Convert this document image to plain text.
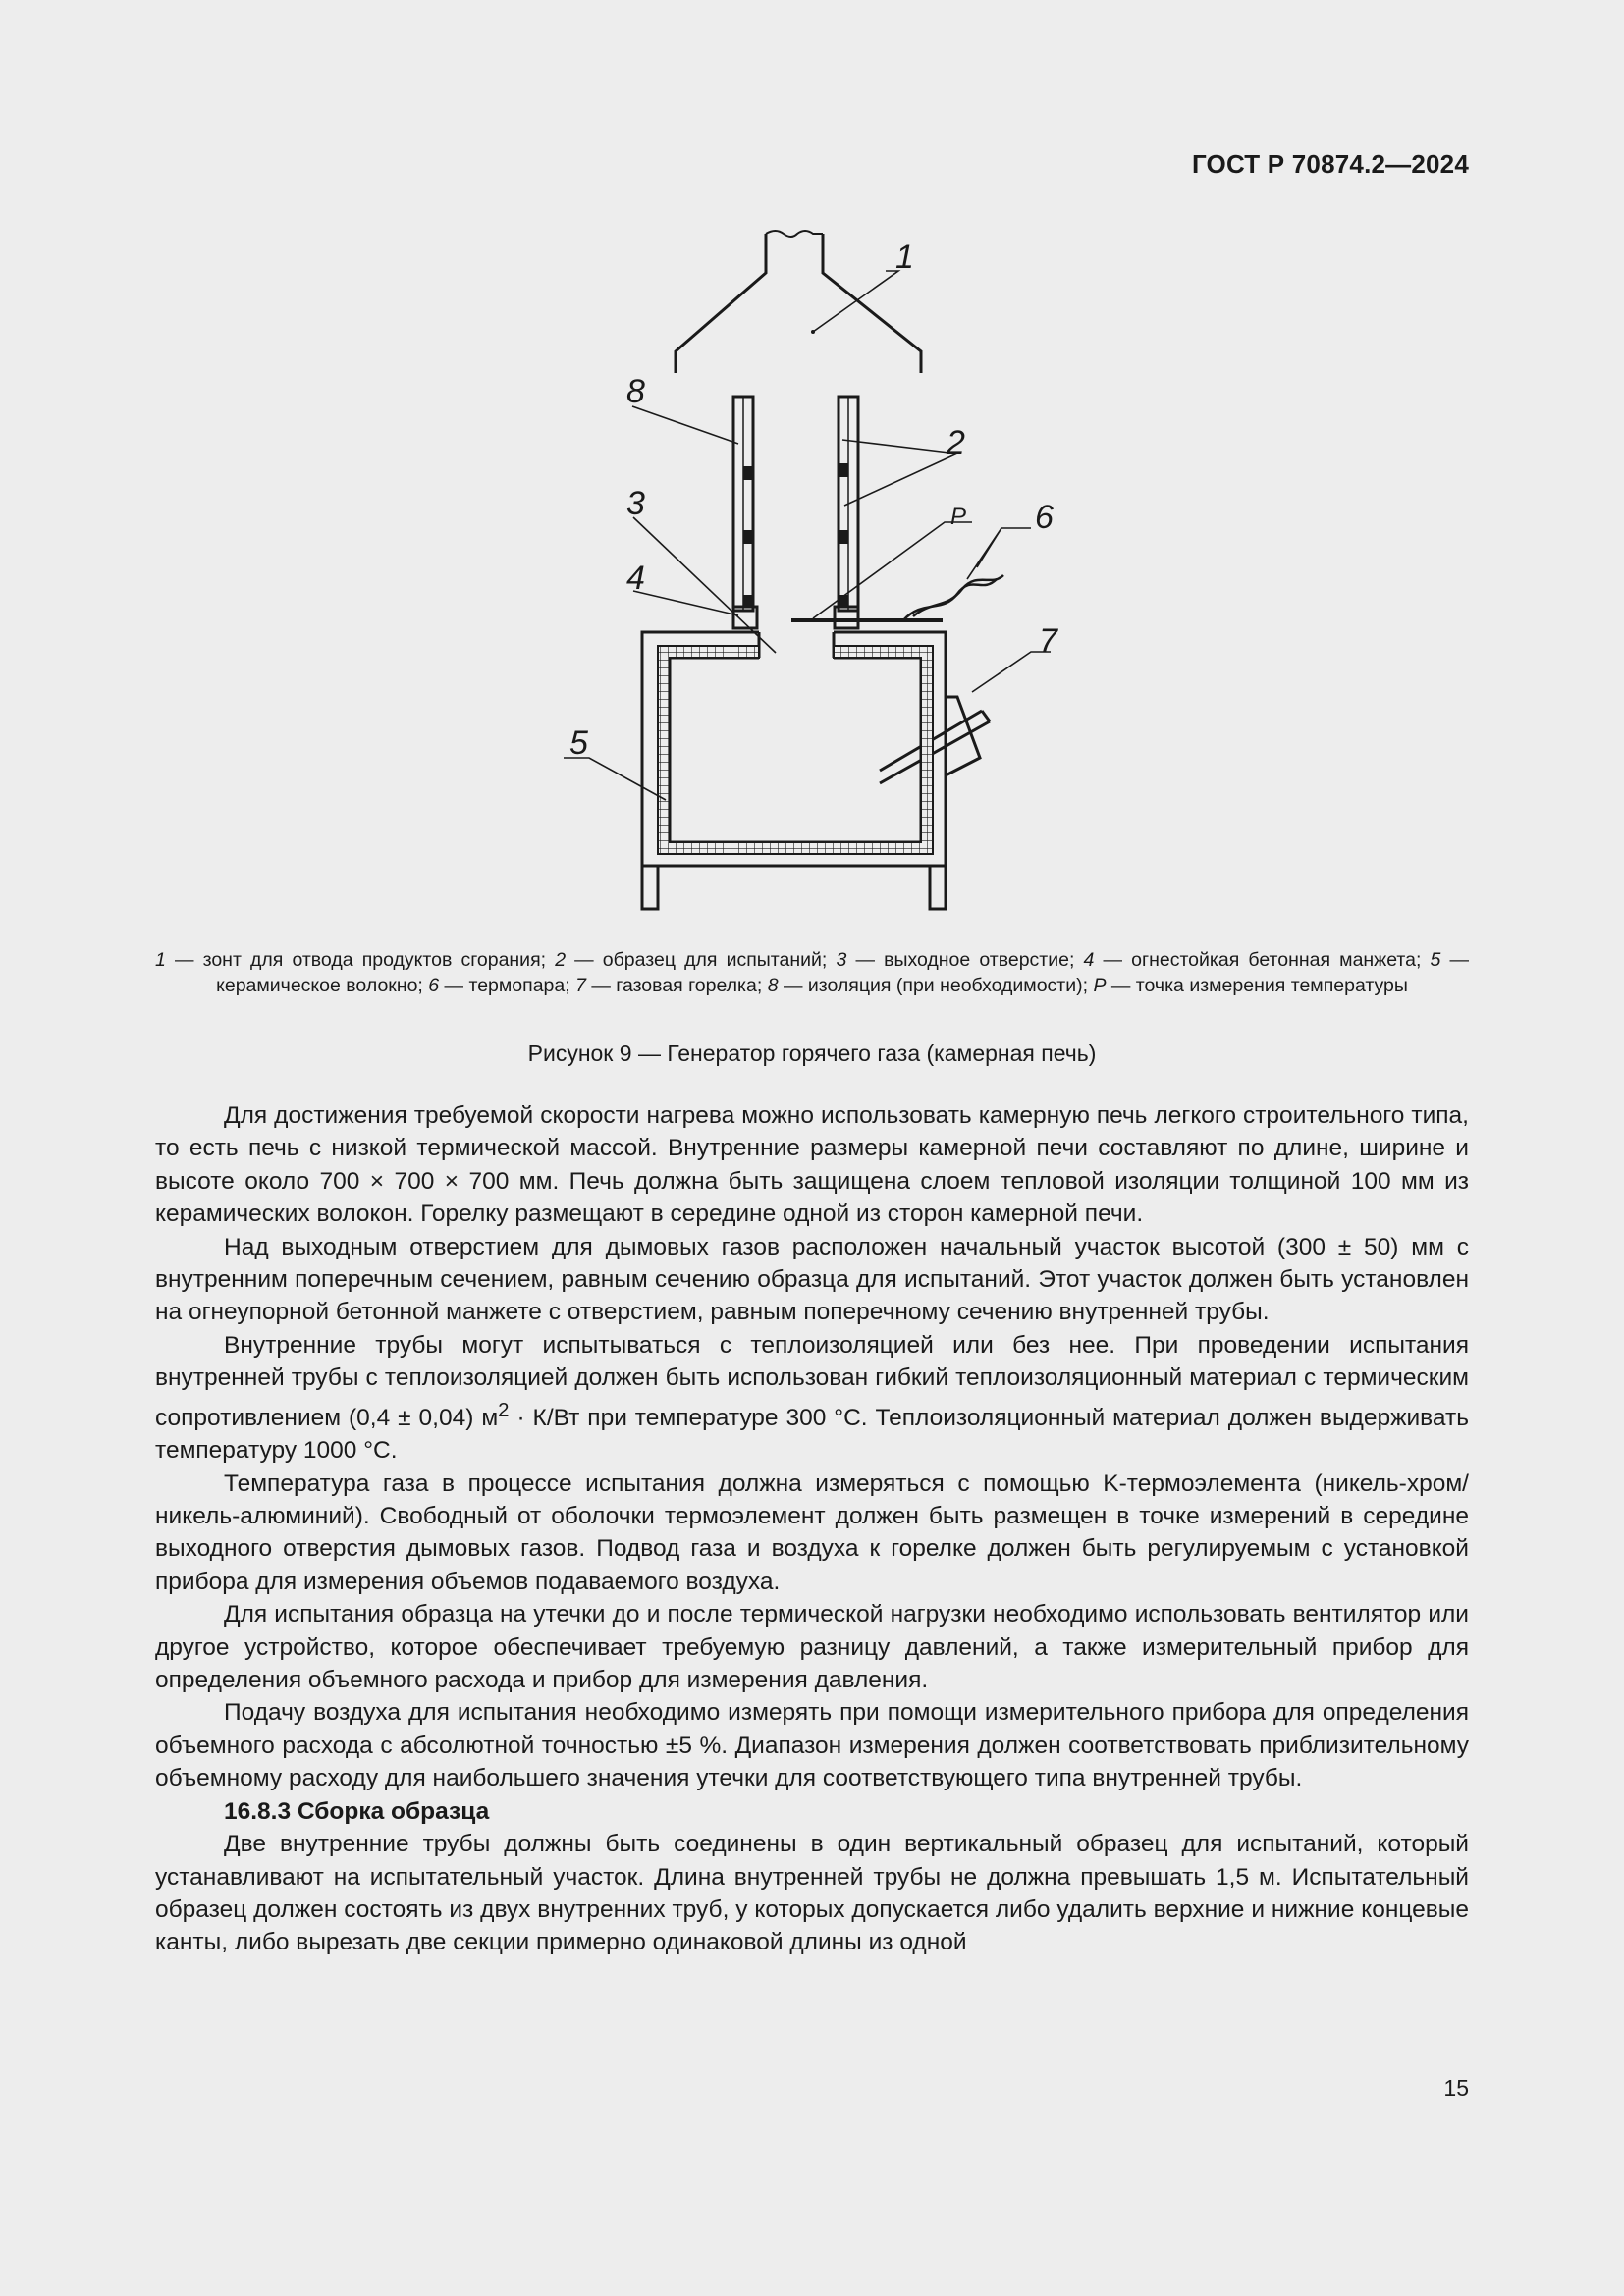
ГОСТ Р 70874.2—2024
1
8
2
3	P 6
4
7
5
1 — зонт для отвода продуктов сгорания; 2 — образец для испытаний; 3 — выходное отверстие; 4 — огнестойкая бетонная манжета; 5 — керамическое волокно; 6 — термопара; 7 — газовая горелка; 8 — изоляция (при необходимости); P — точка измерения температуры
Рисунок 9 — Генератор горячего газа (камерная печь)

Для достижения требуемой скорости нагрева можно использовать камерную печь легкого строительного типа, то есть печь с низкой термической массой. Внутренние размеры камерной печи составляют по длине, ширине и высоте около 700 × 700 × 700 мм. Печь должна быть защищена слоем тепловой изоляции толщиной 100 мм из керамических волокон. Горелку размещают в середине одной из сторон камерной печи.

Над выходным отверстием для дымовых газов расположен начальный участок высотой (300 ± 50) мм с внутренним поперечным сечением, равным сечению образца для испытаний. Этот участок должен быть установлен на огнеупорной бетонной манжете с отверстием, равным поперечному сечению внутренней трубы.

Внутренние трубы могут испытываться с теплоизоляцией или без нее. При проведении испытания внутренней трубы с теплоизоляцией должен быть использован гибкий теплоизоляционный материал с термическим сопротивлением (0,4 ± 0,04) $м^2 \cdot К/Вт$ при температуре 300 °С. Теплоизоляционный материал должен выдерживать температуру 1000 °С.

Температура газа в процессе испытания должна измеряться с помощью K-термоэлемента (никель-хром/никель-алюминий). Свободный от оболочки термоэлемент должен быть размещен в точке измерений в середине выходного отверстия дымовых газов. Подвод газа и воздуха к горелке должен быть регулируемым с установкой прибора для измерения объемов подаваемого воздуха.

Для испытания образца на утечки до и после термической нагрузки необходимо использовать вентилятор или другое устройство, которое обеспечивает требуемую разницу давлений, а также измерительный прибор для определения объемного расхода и прибор для измерения давления.

Подачу воздуха для испытания необходимо измерять при помощи измерительного прибора для определения объемного расхода с абсолютной точностью ±5 %. Диапазон измерения должен соответствовать приблизительному объемному расходу для наибольшего значения утечки для соответствующего типа внутренней трубы.

16.8.3 Сборка образца

Две внутренние трубы должны быть соединены в один вертикальный образец для испытаний, который устанавливают на испытательный участок. Длина внутренней трубы не должна превышать 1,5 м. Испытательный образец должен состоять из двух внутренних труб, у которых допускается либо удалить верхние и нижние концевые канты, либо вырезать две секции примерно одинаковой длины из одной

15
